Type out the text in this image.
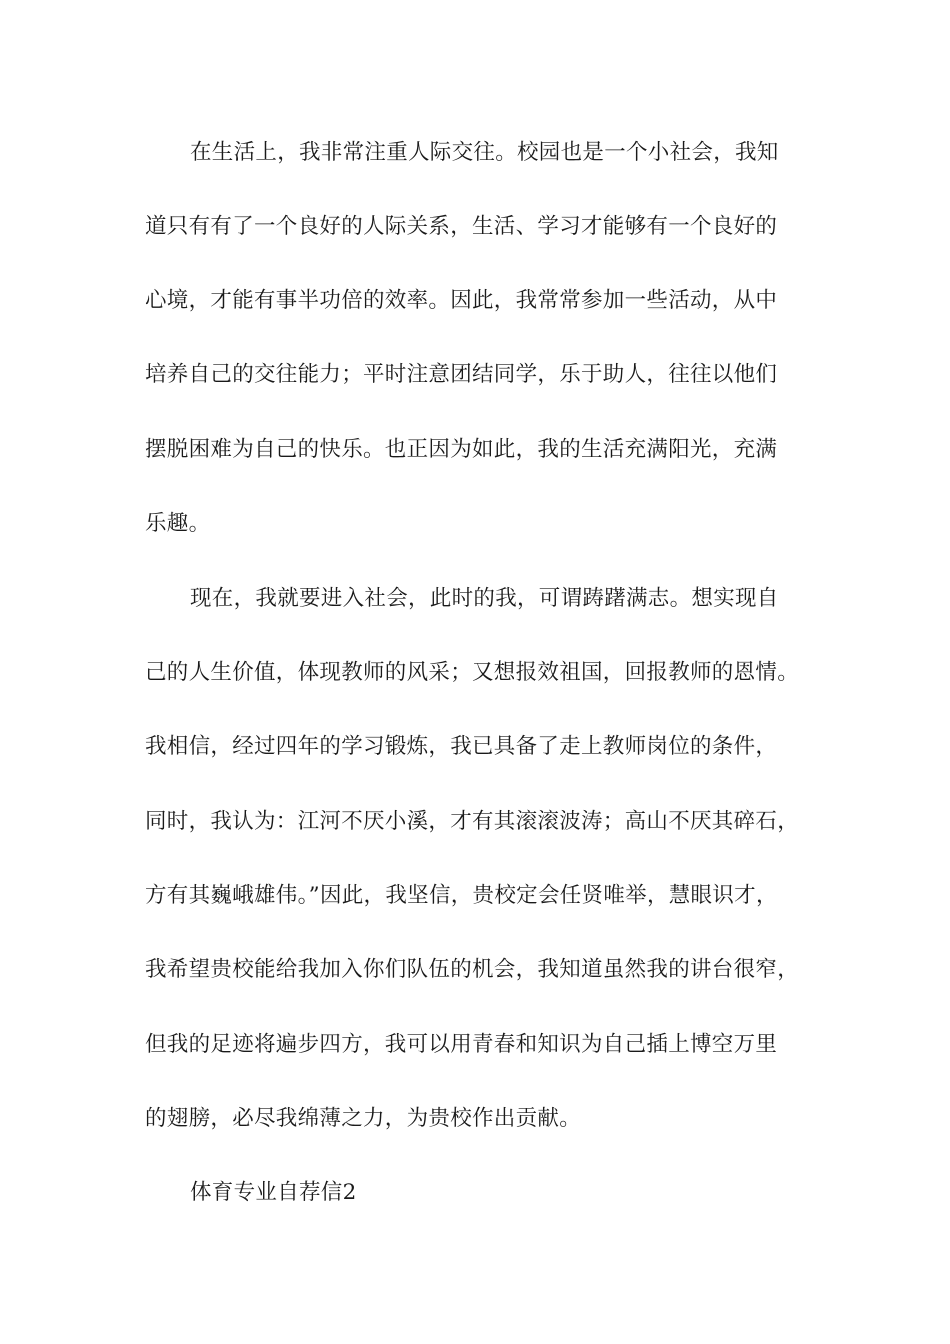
在生活上，我非常注重人际交往。校园也是一个小社会，我知
道只有有了一个良好的人际关系，生活、学习才能够有一个良好的
心境，才能有事半功倍的效率。因此，我常常参加一些活动，从中
培养自己的交往能力；平时注意团结同学，乐于助人，往往以他们
摆脱困难为自己的快乐。也正因为如此，我的生活充满阳光，充满
乐趣。
现在，我就要进入社会，此时的我，可谓踌躇满志。想实现自
己的人生价值，体现教师的风采；又想报效祖国，回报教师的恩情。
我相信，经过四年的学习锻炼，我已具备了走上教师岗位的条件，
同时，我认为：江河不厌小溪，才有其滚滚波涛；高山不厌其碎石，
方有其巍峨雄伟。”因此，我坚信，贵校定会任贤唯举，慧眼识才，
我希望贵校能给我加入你们队伍的机会，我知道虽然我的讲台很窄，
但我的足迹将遍步四方，我可以用青春和知识为自己插上博空万里
的翅膀，必尽我绵薄之力，为贵校作出贡献。
体育专业自荐信2
